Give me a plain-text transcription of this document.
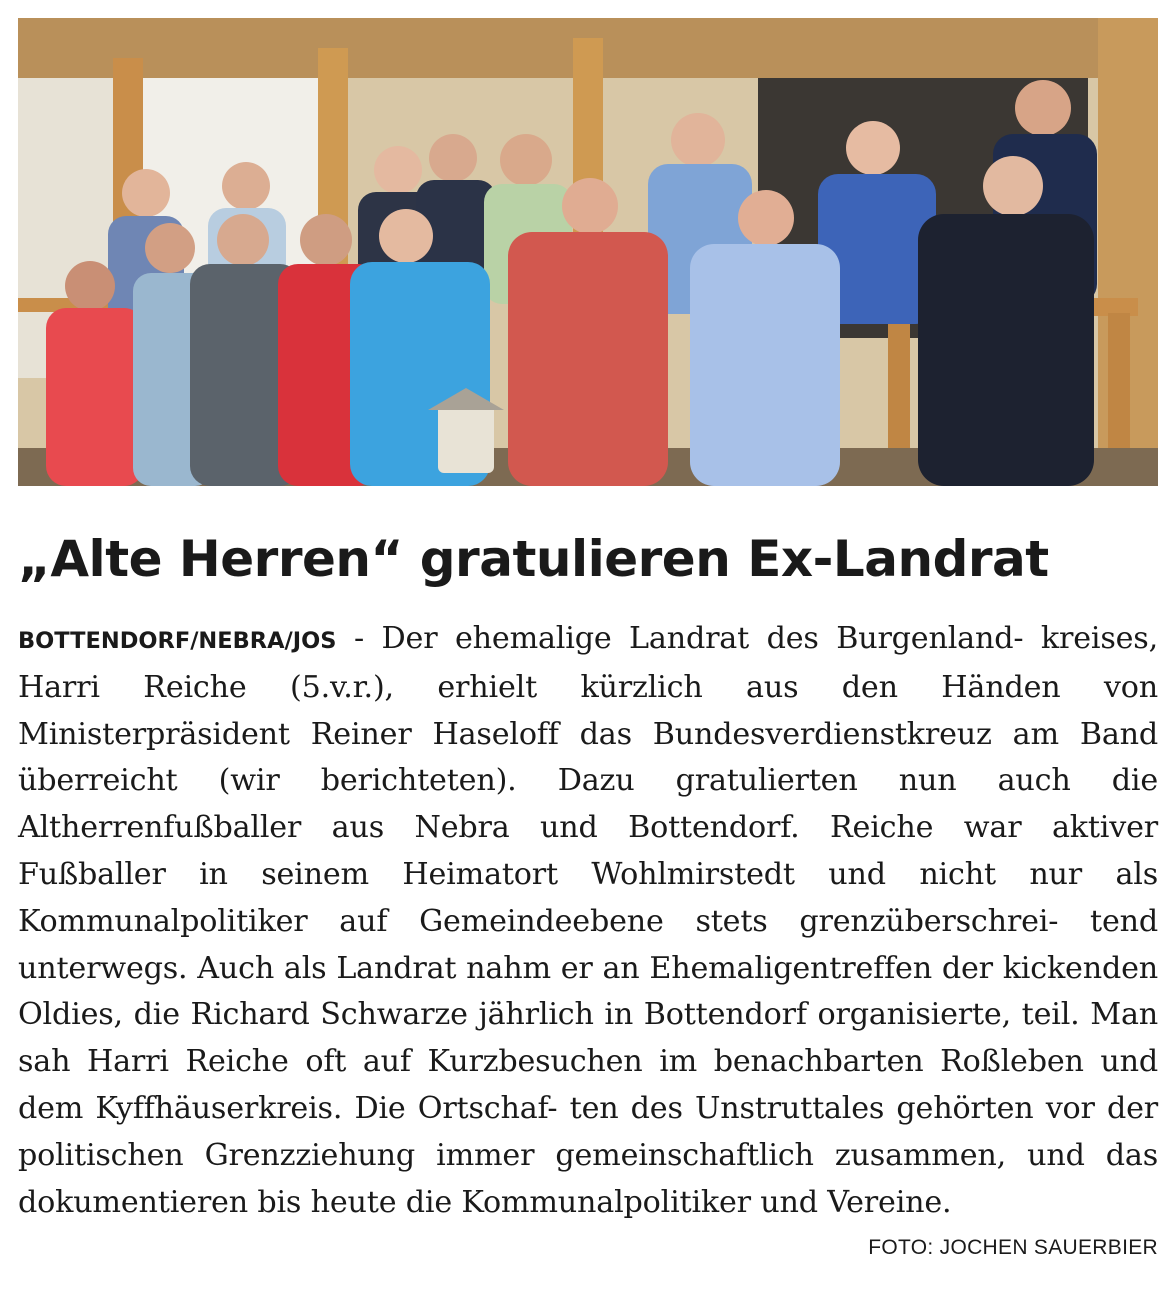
„Alte Herren“ gratulieren Ex-Landrat

BOTTENDORF/NEBRA/JOS - Der ehemalige Landrat des Burgenland- kreises, Harri Reiche (5.v.r.), erhielt kürzlich aus den Händen von Ministerpräsident Reiner Haseloff das Bundesverdienstkreuz am Band überreicht (wir berichteten). Dazu gratulierten nun auch die Altherrenfußballer aus Nebra und Bottendorf. Reiche war aktiver Fußballer in seinem Heimatort Wohlmirstedt und nicht nur als Kommunalpolitiker auf Gemeindeebene stets grenzüberschrei- tend unterwegs. Auch als Landrat nahm er an Ehemaligentreffen der kickenden Oldies, die Richard Schwarze jährlich in Bottendorf organisierte, teil. Man sah Harri Reiche oft auf Kurzbesuchen im benachbarten Roßleben und dem Kyffhäuserkreis. Die Ortschaf- ten des Unstruttales gehörten vor der politischen Grenzziehung immer gemeinschaftlich zusammen, und das dokumentieren bis heute die Kommunalpolitiker und Vereine.

FOTO: JOCHEN SAUERBIER
